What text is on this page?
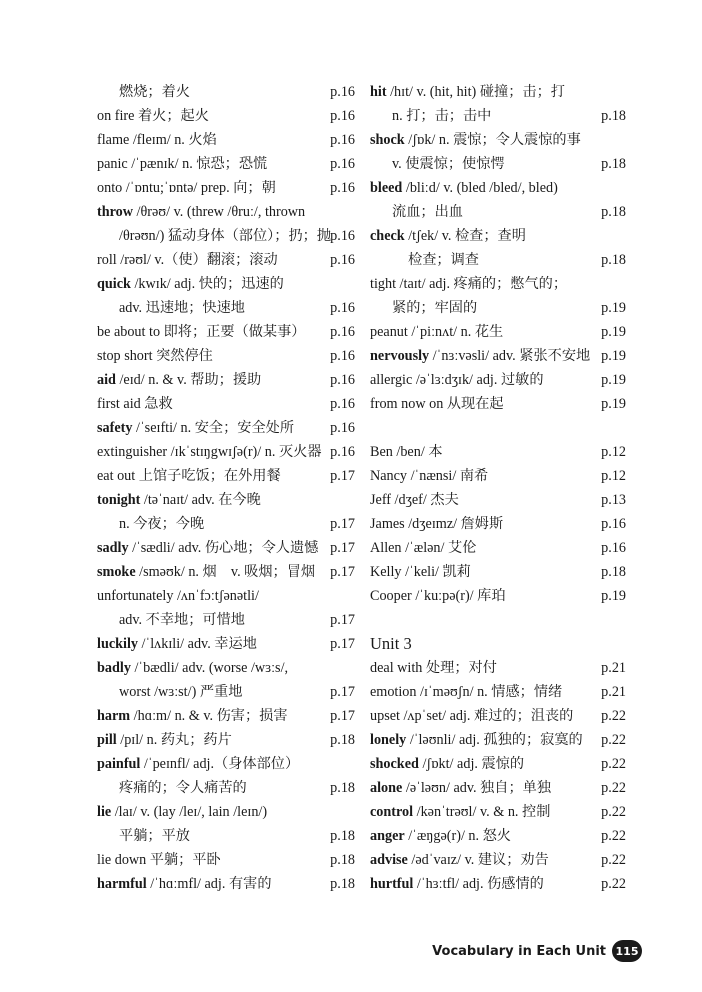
燃烧；着火	p.16
on fire 着火；起火	p.16
flame /fleɪm/ n. 火焰	p.16
panic /ˈpænɪk/ n. 惊恐；恐慌	p.16
onto /ˈɒntu;ˈɒntə/ prep. 向；朝	p.16
throw /θrəʊ/ v. (threw /θruː/, thrown
/θrəʊn/) 猛动身体（部位）；扔；抛 p.16
roll /rəʊl/ v.（使）翻滚；滚动	p.16
quick /kwɪk/ adj. 快的；迅速的
adv. 迅速地；快速地	p.16
be about to 即将；正要（做某事） p.16
stop short 突然停住	p.16
aid /eɪd/ n. & v. 帮助；援助	p.16
first aid 急救	p.16
safety /ˈseɪfti/ n. 安全；安全处所	p.16
extinguisher /ɪkˈstɪŋgwɪʃə(r)/ n. 灭火器 p.16
eat out 上馆子吃饭；在外用餐	p.17
tonight /təˈnaɪt/ adv. 在今晚
n. 今夜；今晚	p.17
sadly /ˈsædli/ adv. 伤心地；令人遗憾 p.17
smoke /sməʊk/ n. 烟　v. 吸烟；冒烟 p.17
unfortunately /ʌnˈfɔːtʃənətli/
adv. 不幸地；可惜地	p.17
luckily /ˈlʌkɪli/ adv. 幸运地	p.17
badly /ˈbædli/ adv. (worse /wɜːs/,
worst /wɜːst/) 严重地	p.17
harm /hɑːm/ n. & v. 伤害；损害	p.17
pill /pɪl/ n. 药丸；药片	p.18
painful /ˈpeɪnfl/ adj.（身体部位）
疼痛的；令人痛苦的	p.18
lie /laɪ/ v. (lay /leɪ/, lain /leɪn/)
平躺；平放	p.18
lie down 平躺；平卧	p.18
harmful /ˈhɑːmfl/ adj. 有害的	p.18
hit /hɪt/ v. (hit, hit) 碰撞；击；打
n. 打；击；击中	p.18
shock /ʃɒk/ n. 震惊；令人震惊的事
v. 使震惊；使惊愕	p.18
bleed /bliːd/ v. (bled /bled/, bled)
流血；出血	p.18
check /tʃek/ v. 检查；查明
检查；调查	p.18
tight /taɪt/ adj. 疼痛的；憋气的；
紧的；牢固的	p.19
peanut /ˈpiːnʌt/ n. 花生	p.19
nervously /ˈnɜːvəsli/ adv. 紧张不安地 p.19
allergic /əˈlɜːdʒɪk/ adj. 过敏的	p.19
from now on 从现在起	p.19
Ben /ben/ 本	p.12
Nancy /ˈnænsi/ 南希	p.12
Jeff /dʒef/ 杰夫	p.13
James /dʒeɪmz/ 詹姆斯	p.16
Allen /ˈælən/ 艾伦	p.16
Kelly /ˈkeli/ 凯莉	p.18
Cooper /ˈkuːpə(r)/ 库珀	p.19
Unit 3
deal with 处理；对付	p.21
emotion /ɪˈməʊʃn/ n. 情感；情绪	p.21
upset /ʌpˈset/ adj. 难过的；沮丧的 p.22
lonely /ˈləʊnli/ adj. 孤独的；寂寞的 p.22
shocked /ʃɒkt/ adj. 震惊的	p.22
alone /əˈləʊn/ adv. 独自；单独	p.22
control /kənˈtrəʊl/ v. & n. 控制	p.22
anger /ˈæŋgə(r)/ n. 怒火	p.22
advise /ədˈvaɪz/ v. 建议；劝告	p.22
hurtful /ˈhɜːtfl/ adj. 伤感情的	p.22
Vocabulary in Each Unit 115
